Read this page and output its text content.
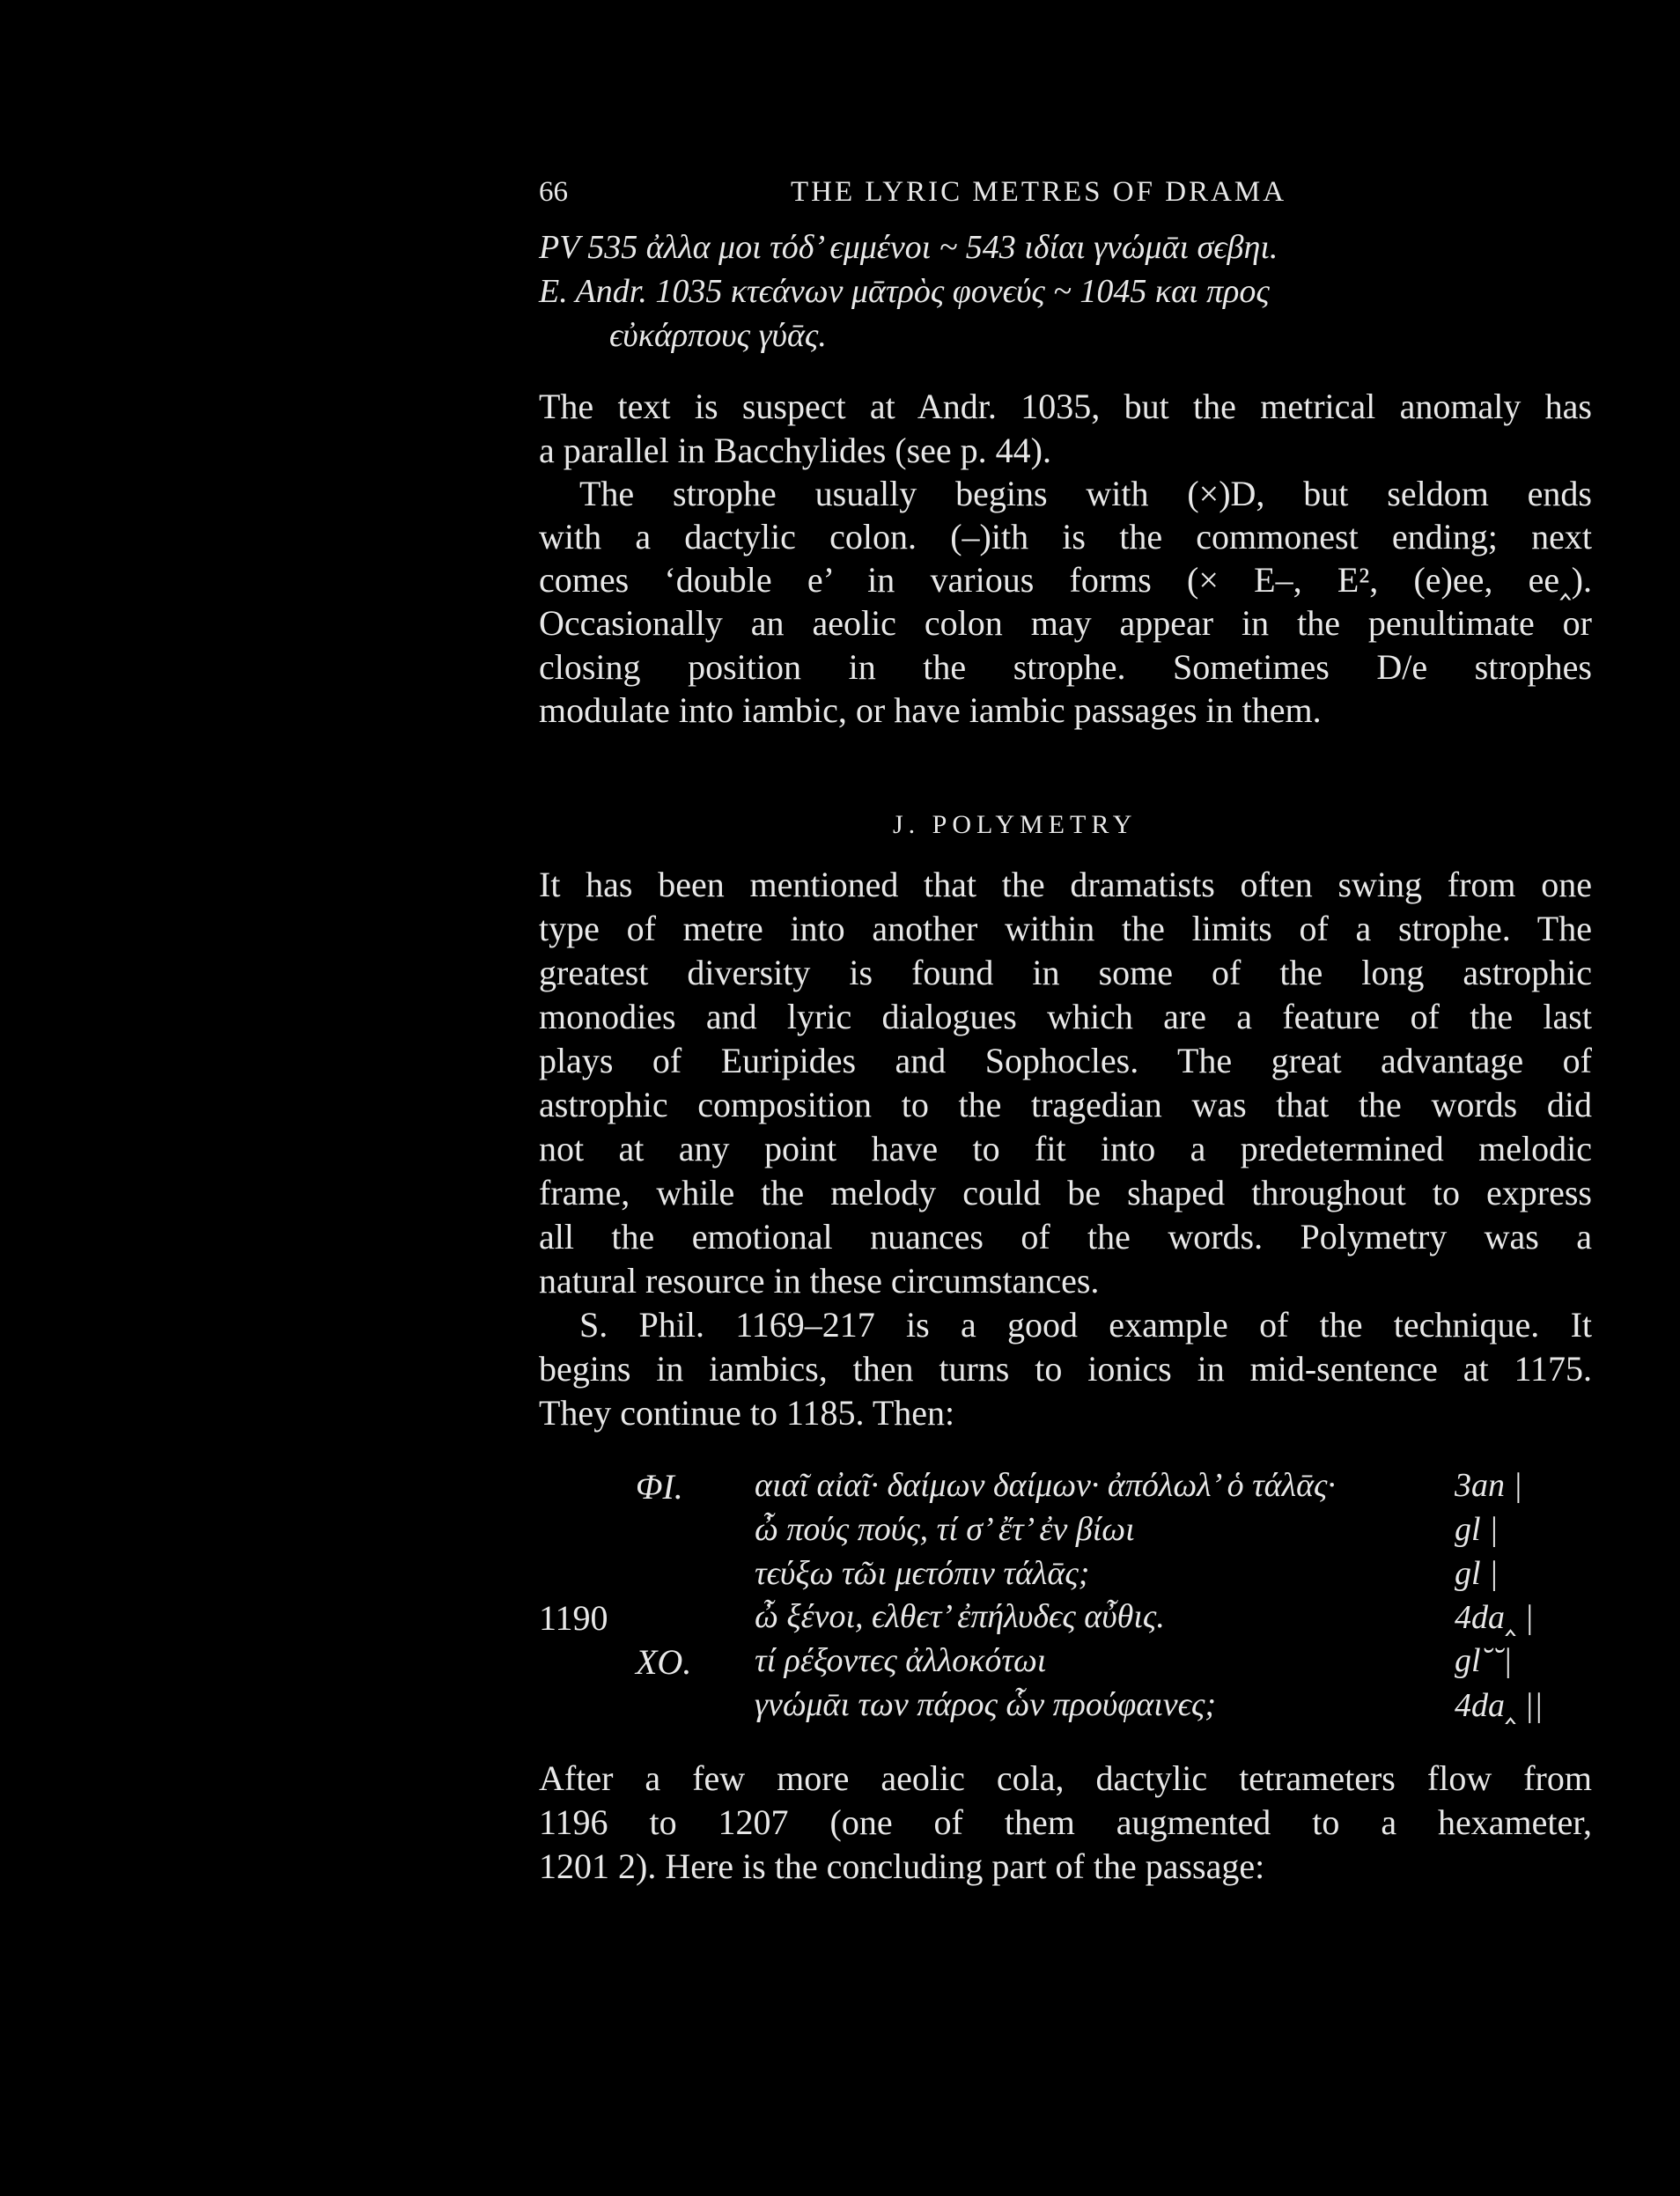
66	THE LYRIC METRES OF DRAMA
PV 535 ἀλλα μοι τόδ’ ϵμμένοι ~ 543 ιδίαι γνώμᾱι σϵβηι.
E. Andr. 1035 κτϵάνων μᾱτρὸς φονϵύς ~ 1045 και προς
ϵὐκάρπους γύᾱς.
The text is suspect at Andr. 1035, but the metrical anomaly has
a parallel in Bacchylides (see p. 44).
The strophe usually begins with (×)D, but seldom ends
with a dactylic colon. (–)ith is the commonest ending; next
comes ‘double e’ in various forms (× E–, E², (e)ee, ee‸).
Occasionally an aeolic colon may appear in the penultimate or
closing position in the strophe. Sometimes D/e strophes
modulate into iambic, or have iambic passages in them.
J. POLYMETRY
It has been mentioned that the dramatists often swing from one
type of metre into another within the limits of a strophe. The
greatest diversity is found in some of the long astrophic
monodies and lyric dialogues which are a feature of the last
plays of Euripides and Sophocles. The great advantage of
astrophic composition to the tragedian was that the words did
not at any point have to fit into a predetermined melodic
frame, while the melody could be shaped throughout to express
all the emotional nuances of the words. Polymetry was a
natural resource in these circumstances.
S. Phil. 1169–217 is a good example of the technique. It
begins in iambics, then turns to ionics in mid-sentence at 1175.
They continue to 1185. Then:
ΦΙ. αιαῖ αἰαῖ· δαίμων δαίμων· ἀπόλωλ’ ὁ τάλᾱς·	3an |
ὦ πούς πούς, τί σ’ ἔτ’ ἐν βίωι	gl |
τϵύξω τῶι μϵτόπιν τάλᾱς;	gl |
1190	ὦ ξένοι, ϵλθϵτ’ ἐπήλυδϵς αὖθις.	4da‸ |
ΧΟ. τί ρέξοντϵς ἀλλοκότωι	gl˘˘|
γνώμᾱι των πάρος ὧν προύφαινϵς;	4da‸ ||
After a few more aeolic cola, dactylic tetrameters flow from
1196 to 1207 (one of them augmented to a hexameter,
1201 2). Here is the concluding part of the passage:
